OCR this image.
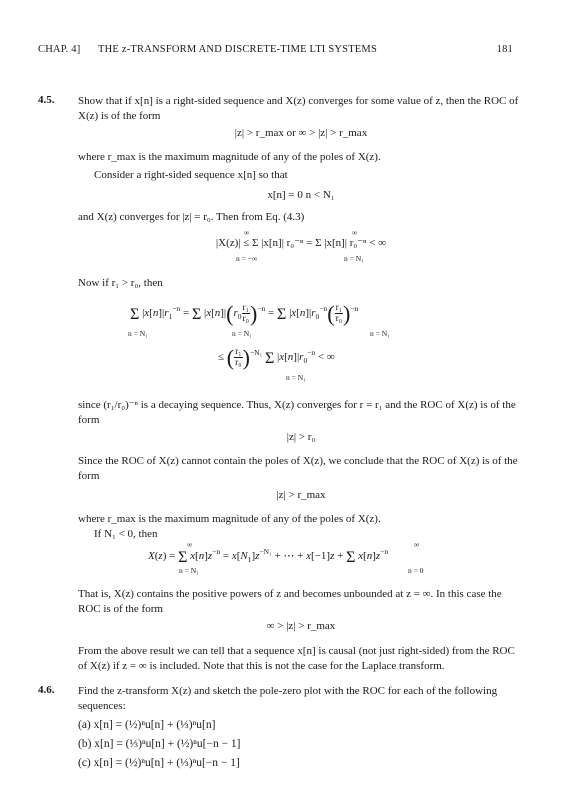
CHAP. 4] THE z-TRANSFORM AND DISCRETE-TIME LTI SYSTEMS	181
4.5. Show that if x[n] is a right-sided sequence and X(z) converges for some value of z, then the ROC of X(z) is of the form
|z| > r_max or ∞ > |z| > r_max
where r_max is the maximum magnitude of any of the poles of X(z).
Consider a right-sided sequence x[n] so that
x[n] = 0 n < N₁
and X(z) converges for |z| = r₀. Then from Eq. (4.3)
|X(z)| ≤ Σ |x[n]| r₀⁻ⁿ = Σ |x[n]| r₀⁻ⁿ < ∞
∞
n = −∞
∞
n = N₁
Now if r₁ > r₀, then
Σ $|x[n]|r_1^{-n} = \Sigma$ $|x[n]|(r_0 \frac{\text{r₁}}{\text{r₀}} )^{-n} = \Sigma$ $|x[n]|r_0^{-n}( \frac{\text{r₁}}{\text{r₀}} )^{-n}$
n = N₁	n = N₁	n = N₁
≤ ( $\frac{\text{r₁}}{\text{r₀}} )^{-N_1}$ Σ $|x[n]|r_0^{-n}$ < ∞
n = N₁
since (r₁/r₀)⁻ⁿ is a decaying sequence. Thus, X(z) converges for r = r₁ and the ROC of X(z) is of the form
|z| > r₀
Since the ROC of X(z) cannot contain the poles of X(z), we conclude that the ROC of X(z) is of the form
|z| > r_max
where r_max is the maximum magnitude of any of the poles of X(z).
If N₁ < 0, then
X(z) = Σ $x[n]z^{-n} = x[N_1]z^{-N_1}$ + ⋯ + x[−1]z + Σ $x[n]z^{-n}$
∞
n = N₁
∞
n = 0
That is, X(z) contains the positive powers of z and becomes unbounded at z = ∞. In this case the ROC is of the form
∞ > |z| > r_max
From the above result we can tell that a sequence x[n] is causal (not just right-sided) from the ROC of X(z) if z = ∞ is included. Note that this is not the case for the Laplace transform.
4.6. Find the z-transform X(z) and sketch the pole-zero plot with the ROC for each of the following sequences:
(a) x[n] = (½)ⁿu[n] + (⅓)ⁿu[n]
(b) x[n] = (⅓)ⁿu[n] + (½)ⁿu[−n − 1]
(c) x[n] = (½)ⁿu[n] + (⅓)ⁿu[−n − 1]
